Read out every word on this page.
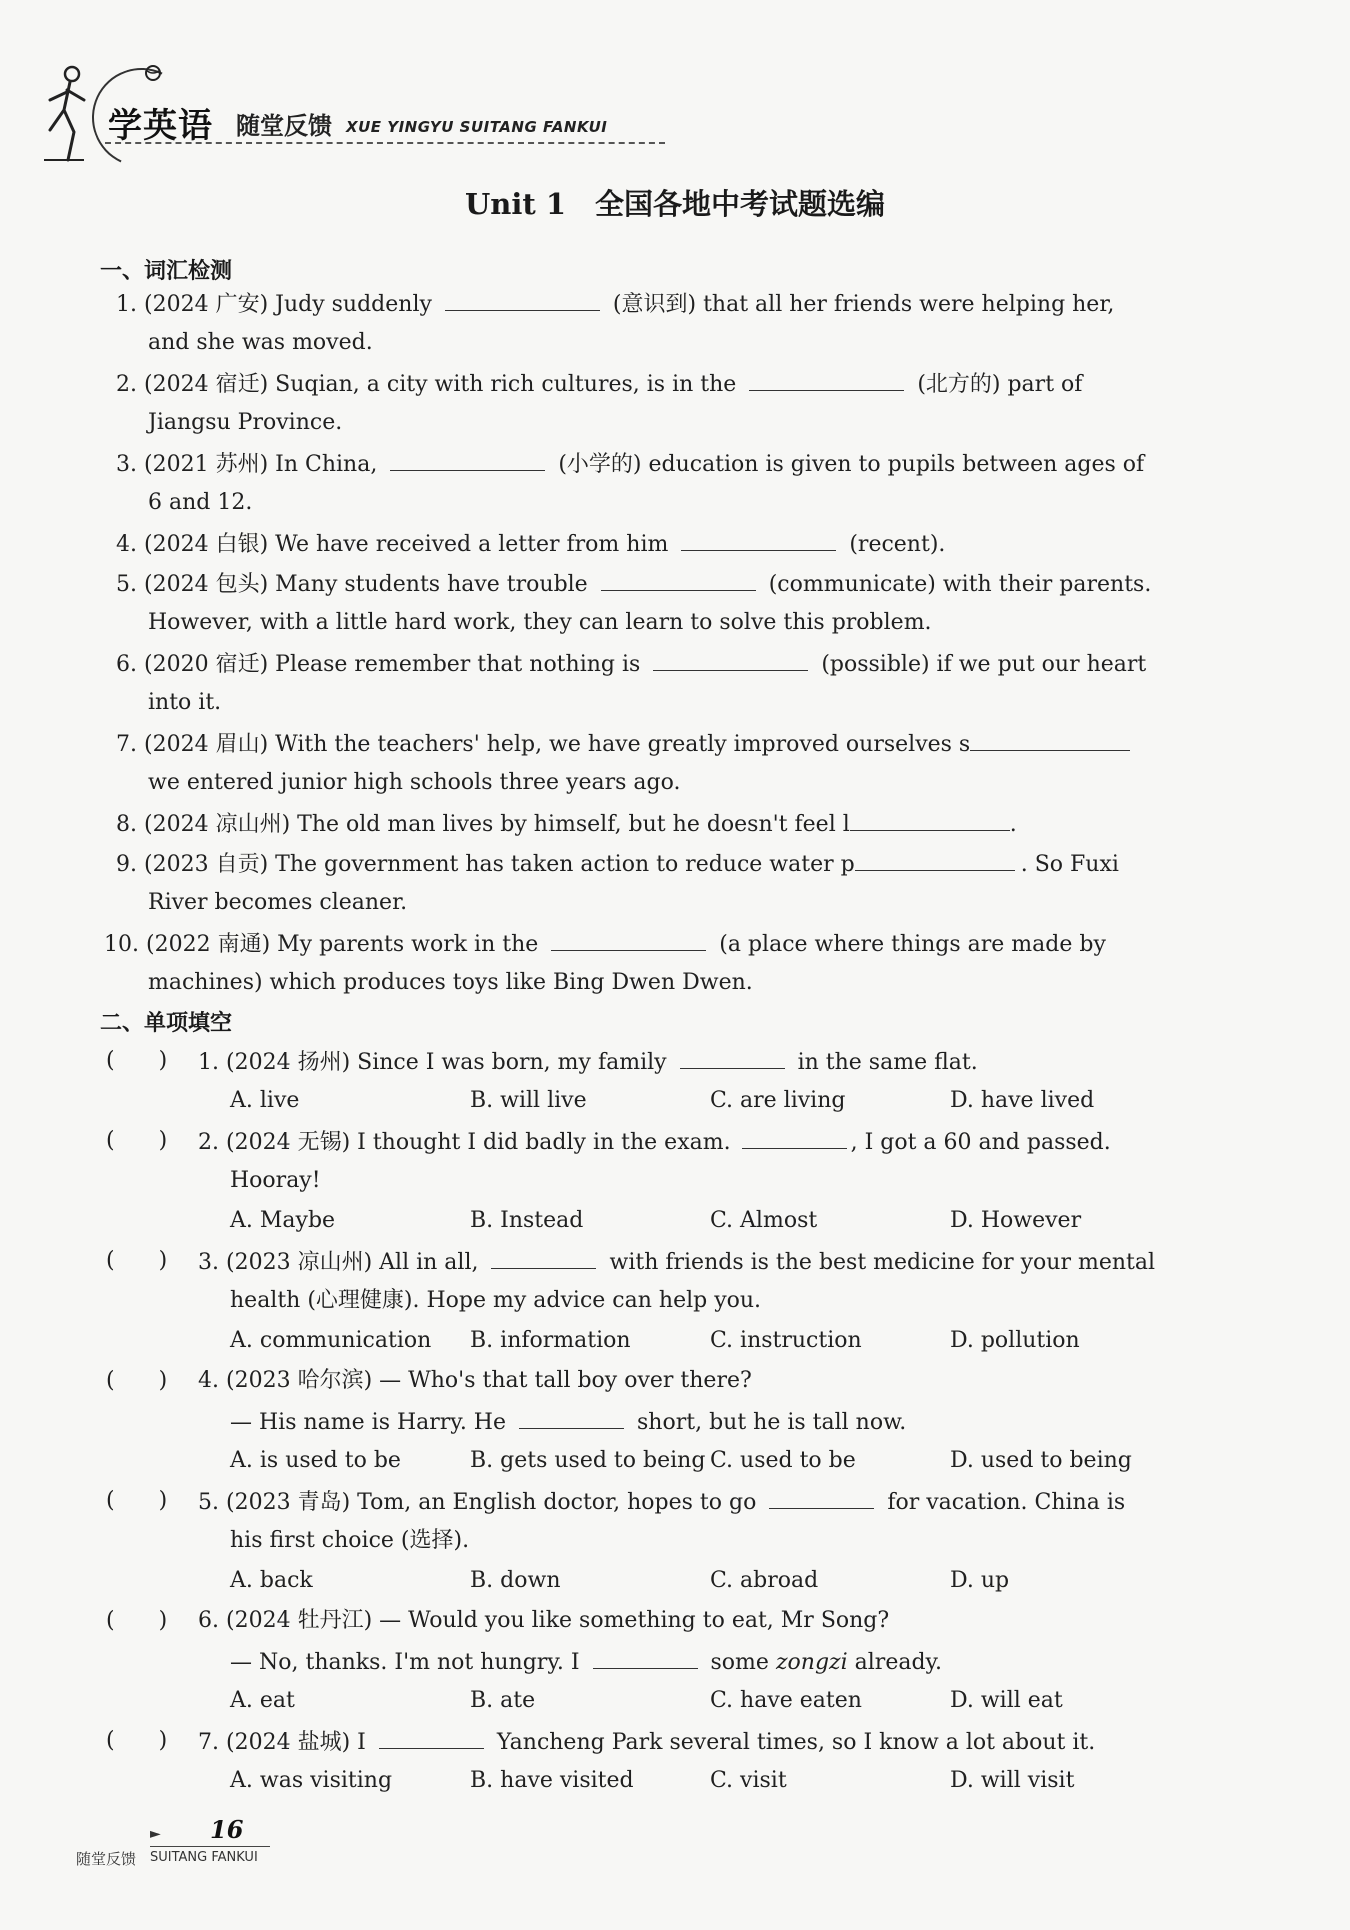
学英语 随堂反馈 XUE YINGYU SUITANG FANKUI
Unit 1　全国各地中考试题选编
一、词汇检测
1. (2024 广安) Judy suddenly	(意识到) that all her friends were helping her,
and she was moved.
2. (2024 宿迁) Suqian, a city with rich cultures, is in the	(北方的) part of
Jiangsu Province.
3. (2021 苏州) In China,	(小学的) education is given to pupils between ages of
6 and 12.
4. (2024 白银) We have received a letter from him	(recent).
5. (2024 包头) Many students have trouble	(communicate) with their parents.
However, with a little hard work, they can learn to solve this problem.
6. (2020 宿迁) Please remember that nothing is	(possible) if we put our heart
into it.
7. (2024 眉山) With the teachers' help, we have greatly improved ourselves s
we entered junior high schools three years ago.
8. (2024 凉山州) The old man lives by himself, but he doesn't feel l	.
9. (2023 自贡) The government has taken action to reduce water p	. So Fuxi
River becomes cleaner.
10. (2022 南通) My parents work in the	(a place where things are made by
machines) which produces toys like Bing Dwen Dwen.
二、单项填空
(　　) 1. (2024 扬州) Since I was born, my family	in the same flat.
A. live	B. will live	C. are living	D. have lived
(　　) 2. (2024 无锡) I thought I did badly in the exam.	, I got a 60 and passed.
Hooray!
A. Maybe	B. Instead	C. Almost	D. However
(　　) 3. (2023 凉山州) All in all,	with friends is the best medicine for your mental
health (心理健康). Hope my advice can help you.
A. communication B. information	C. instruction	D. pollution
(　　) 4. (2023 哈尔滨) — Who's that tall boy over there?
— His name is Harry. He	short, but he is tall now.
A. is used to be	B. gets used to being C. used to be	D. used to being
(　　) 5. (2023 青岛) Tom, an English doctor, hopes to go	for vacation. China is
his first choice (选择).
A. back	B. down	C. abroad	D. up
(　　) 6. (2024 牡丹江) — Would you like something to eat, Mr Song?
— No, thanks. I'm not hungry. I	some zongzi already.
A. eat	B. ate	C. have eaten	D. will eat
(　　) 7. (2024 盐城) I	Yancheng Park several times, so I know a lot about it.
A. was visiting	B. have visited	C. visit	D. will visit
► 16
随堂反馈 SUITANG FANKUI
